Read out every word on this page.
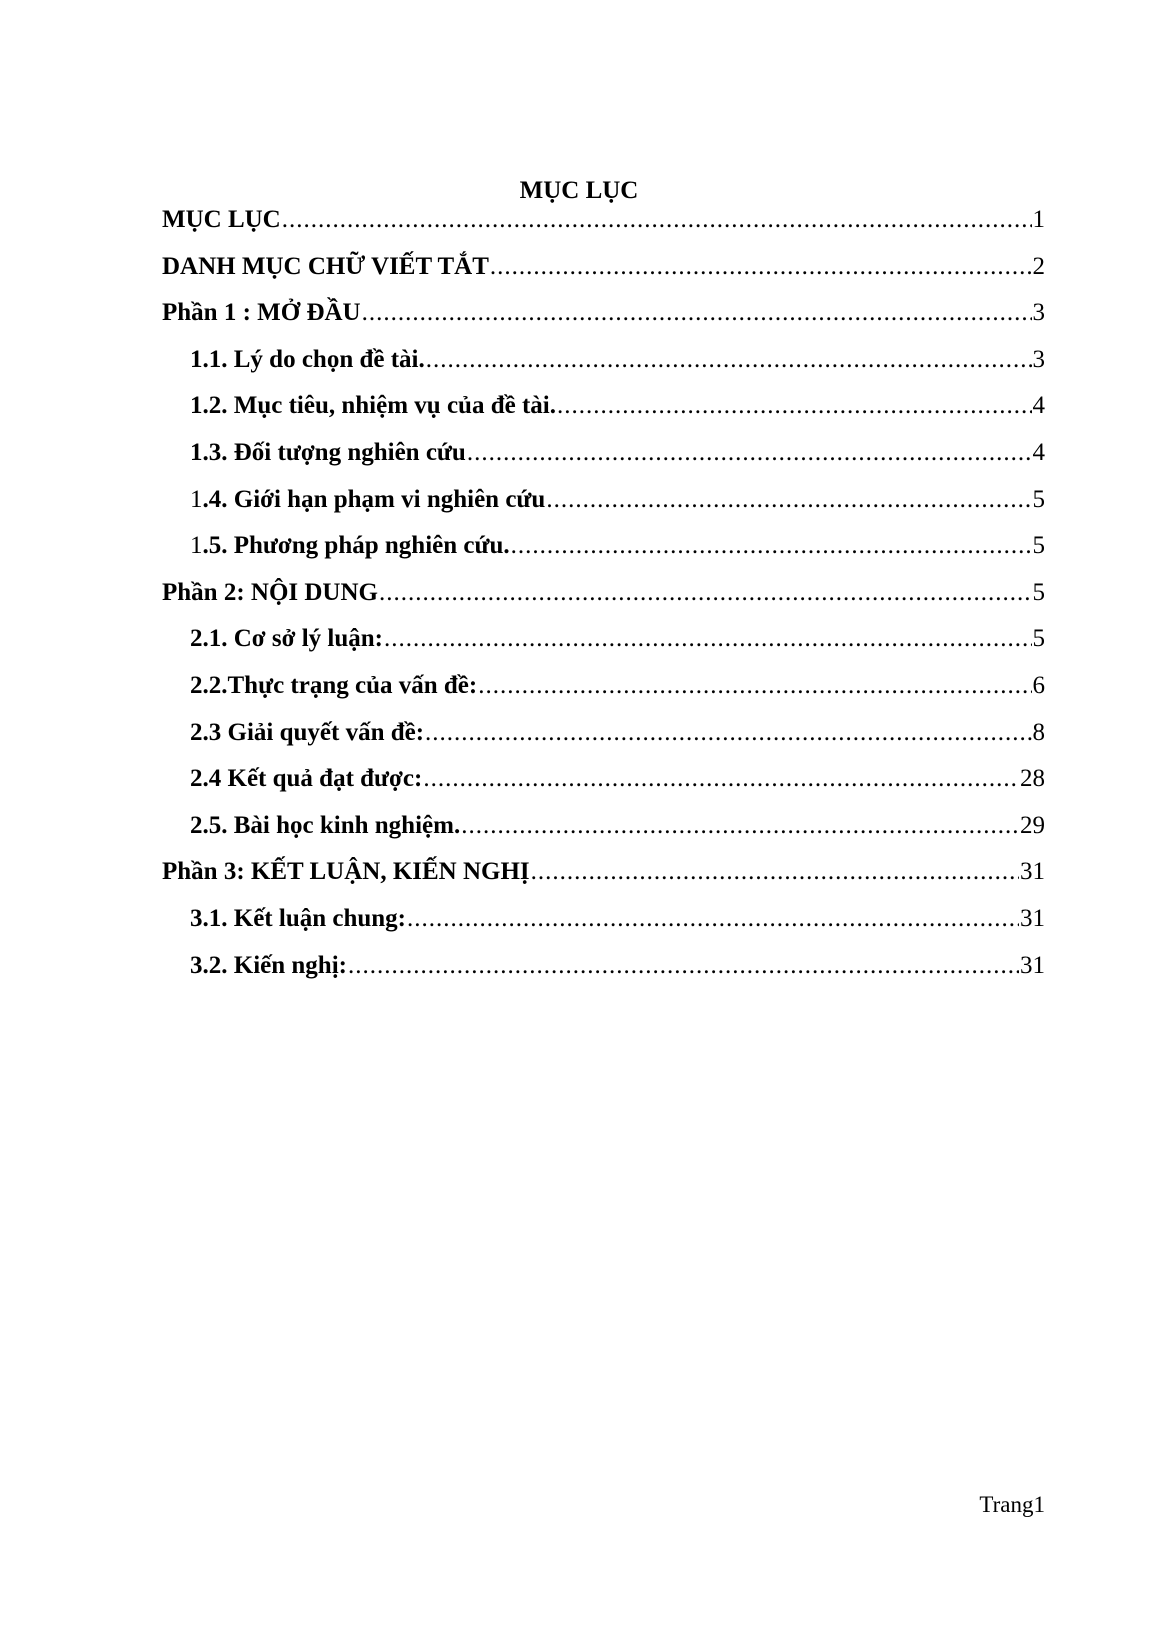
MỤC LỤC
MỤC LỤC .....	1
DANH MỤC CHỮ VIẾT TẮT .....	2
Phần 1 : MỞ ĐẦU .....	3
1.1. Lý do chọn đề tài. .....	3
1.2. Mục tiêu, nhiệm vụ của đề tài. .....	4
1.3. Đối tượng nghiên cứu .....	4
1.4. Giới hạn phạm vi nghiên cứu .....	5
1.5. Phương pháp nghiên cứu. .....	5
Phần 2: NỘI DUNG .....	5
2.1. Cơ sở lý luận: .....	5
2.2.Thực trạng của vấn đề: .....	6
2.3 Giải quyết vấn đề: .....	8
2.4 Kết quả đạt được: .....	28
2.5. Bài học kinh nghiệm. .....	29
Phần 3: KẾT LUẬN, KIẾN NGHỊ .....	31
3.1. Kết luận chung: .....	31
3.2. Kiến nghị: .....	31

Trang1
